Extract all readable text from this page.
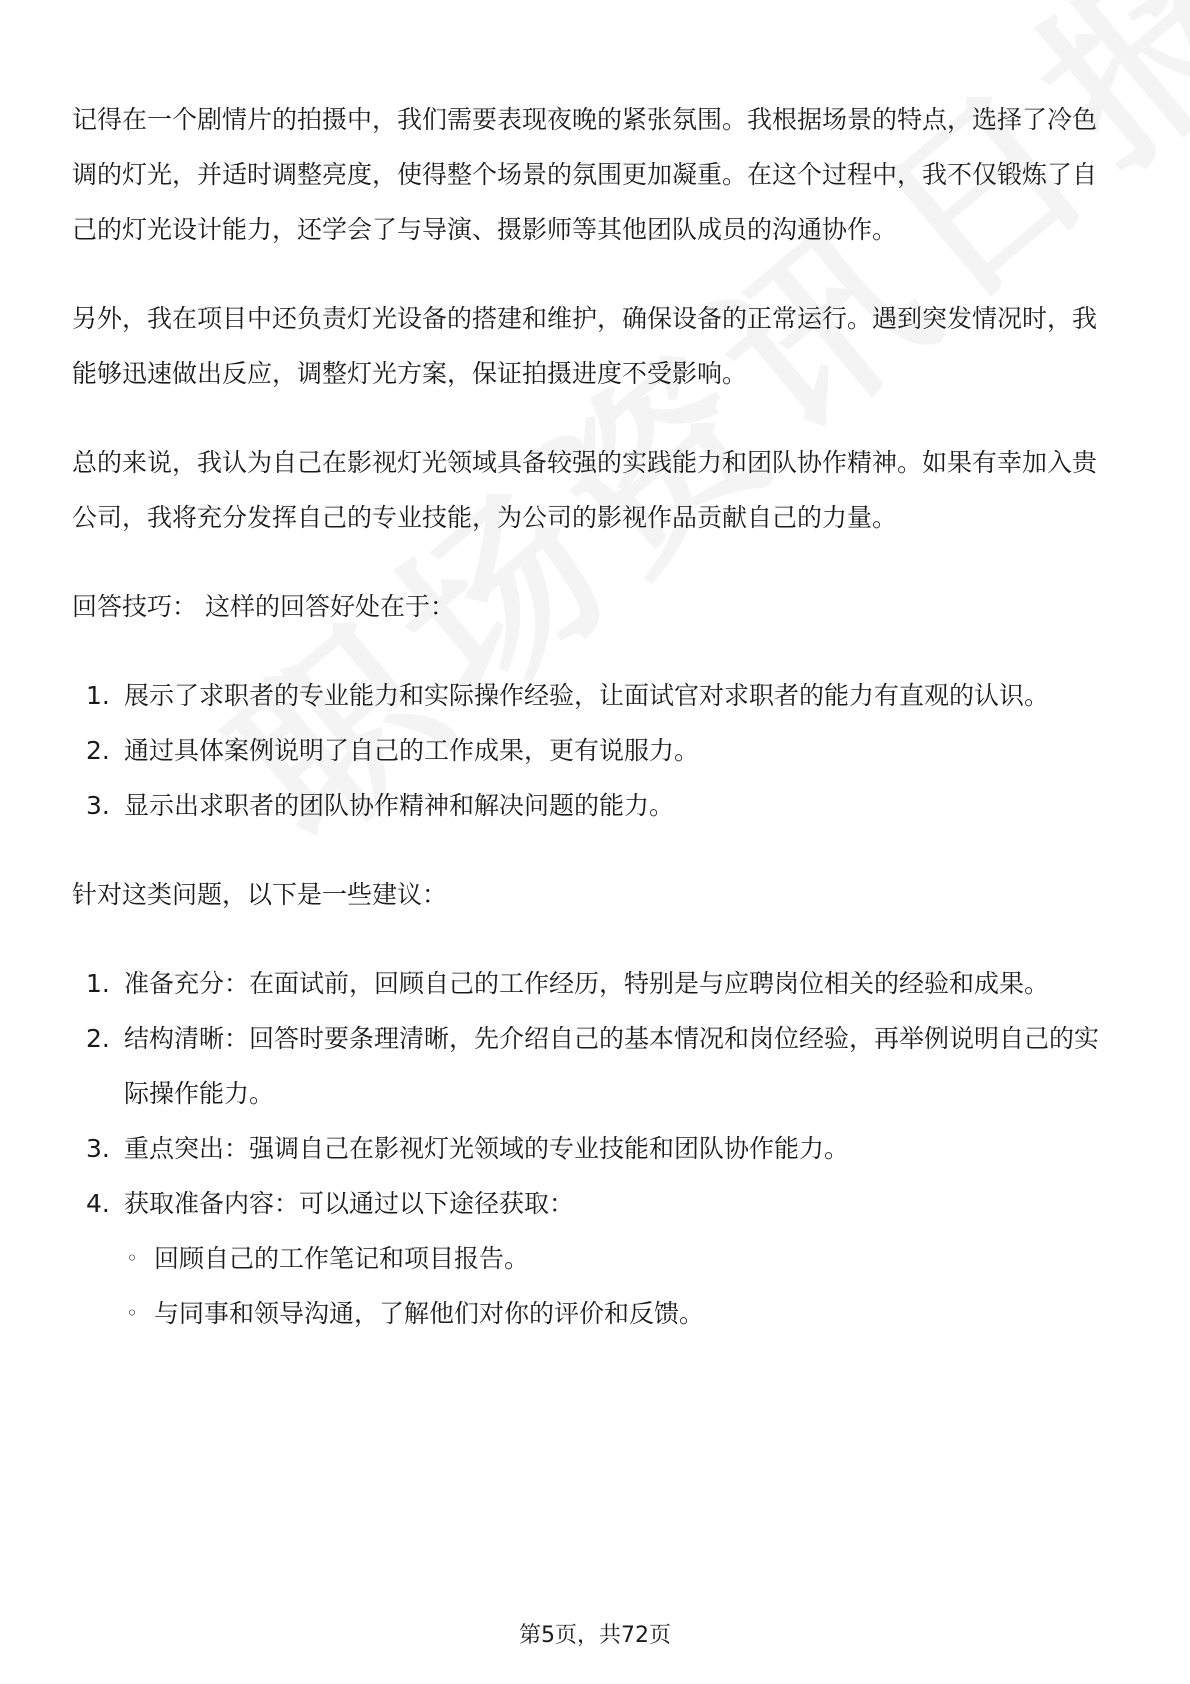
记得在一个剧情片的拍摄中，我们需要表现夜晚的紧张氛围。我根据场景的特点，选择了冷色调的灯光，并适时调整亮度，使得整个场景的氛围更加凝重。在这个过程中，我不仅锻炼了自己的灯光设计能力，还学会了与导演、摄影师等其他团队成员的沟通协作。

另外，我在项目中还负责灯光设备的搭建和维护，确保设备的正常运行。遇到突发情况时，我能够迅速做出反应，调整灯光方案，保证拍摄进度不受影响。

总的来说，我认为自己在影视灯光领域具备较强的实践能力和团队协作精神。如果有幸加入贵公司，我将充分发挥自己的专业技能，为公司的影视作品贡献自己的力量。

回答技巧： 这样的回答好处在于：

1. 展示了求职者的专业能力和实际操作经验，让面试官对求职者的能力有直观的认识。
2. 通过具体案例说明了自己的工作成果，更有说服力。
3. 显示出求职者的团队协作精神和解决问题的能力。

针对这类问题，以下是一些建议：

1. 准备充分：在面试前，回顾自己的工作经历，特别是与应聘岗位相关的经验和成果。
2. 结构清晰：回答时要条理清晰，先介绍自己的基本情况和岗位经验，再举例说明自己的实际操作能力。
3. 重点突出：强调自己在影视灯光领域的专业技能和团队协作能力。
4. 获取准备内容：可以通过以下途径获取：
◦ 回顾自己的工作笔记和项目报告。
◦ 与同事和领导沟通，了解他们对你的评价和反馈。
第5页，共72页
